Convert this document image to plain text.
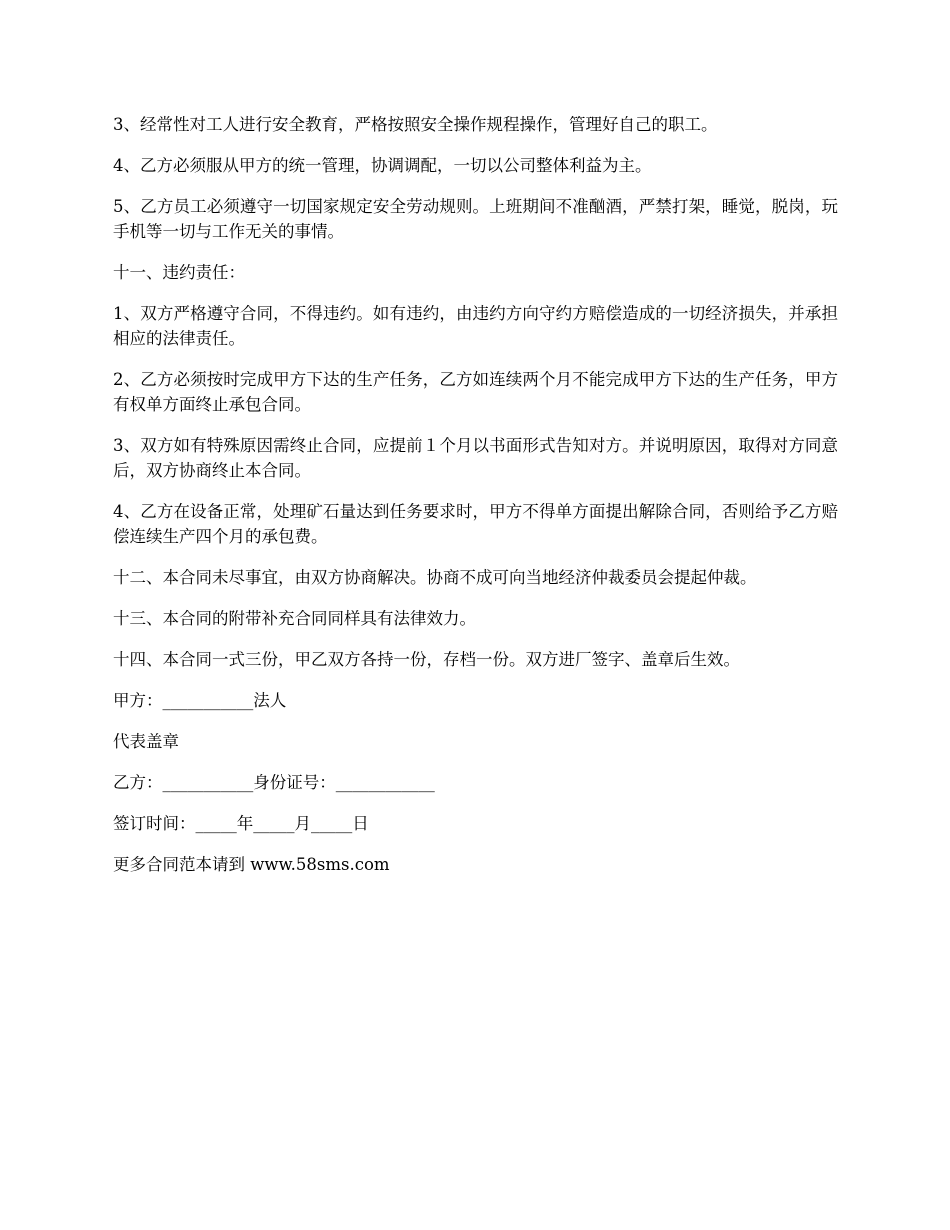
3、经常性对工人进行安全教育，严格按照安全操作规程操作，管理好自己的职工。

4、乙方必须服从甲方的统一管理，协调调配，一切以公司整体利益为主。

5、乙方员工必须遵守一切国家规定安全劳动规则。上班期间不准酗酒，严禁打架，睡觉，脱岗，玩手机等一切与工作无关的事情。

十一、违约责任：

1、双方严格遵守合同，不得违约。如有违约，由违约方向守约方赔偿造成的一切经济损失，并承担相应的法律责任。

2、乙方必须按时完成甲方下达的生产任务，乙方如连续两个月不能完成甲方下达的生产任务，甲方有权单方面终止承包合同。

3、双方如有特殊原因需终止合同，应提前１个月以书面形式告知对方。并说明原因，取得对方同意后，双方协商终止本合同。

4、乙方在设备正常，处理矿石量达到任务要求时，甲方不得单方面提出解除合同，否则给予乙方赔偿连续生产四个月的承包费。

十二、本合同未尽事宜，由双方协商解决。协商不成可向当地经济仲裁委员会提起仲裁。

十三、本合同的附带补充合同同样具有法律效力。

十四、本合同一式三份，甲乙双方各持一份，存档一份。双方进厂签字、盖章后生效。

甲方：___________法人

代表盖章

乙方：___________身份证号：____________

签订时间：_____年_____月_____日

更多合同范本请到 www.58sms.com
